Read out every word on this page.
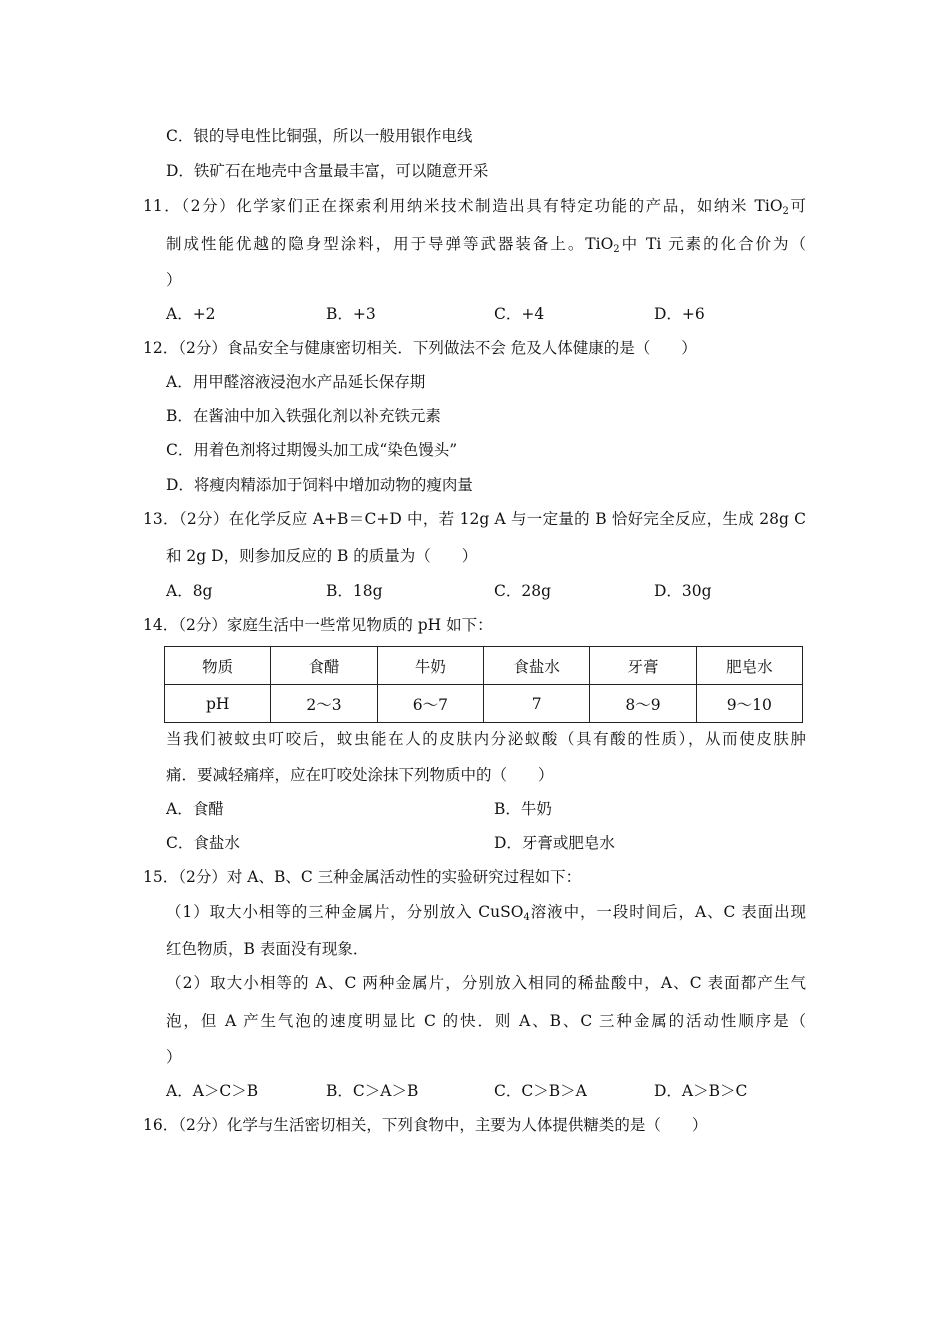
C．银的导电性比铜强，所以一般用银作电线
D．铁矿石在地壳中含量最丰富，可以随意开采
11．（2分）化学家们正在探索利用纳米技术制造出具有特定功能的产品，如纳米 TiO$_2$可
制成性能优越的隐身型涂料，用于导弹等武器装备上。TiO$_2$中 Ti 元素的化合价为（
）
A．+2	B．+3	C．+4	D．+6
12．（2分）食品安全与健康密切相关．下列做法不会 危及人体健康的是（　　）
A．用甲醛溶液浸泡水产品延长保存期
B．在酱油中加入铁强化剂以补充铁元素
C．用着色剂将过期馒头加工成“染色馒头”
D．将瘦肉精添加于饲料中增加动物的瘦肉量
13．（2分）在化学反应 A+B＝C+D 中，若 12g A 与一定量的 B 恰好完全反应，生成 28g C
和 2g D，则参加反应的 B 的质量为（　　）
A．8g	B．18g	C．28g	D．30g
14．（2分）家庭生活中一些常见物质的 pH 如下：
物质	食醋	牛奶	食盐水	牙膏	肥皂水
pH	2～3	6～7	7	8～9	9～10
当我们被蚊虫叮咬后，蚊虫能在人的皮肤内分泌蚁酸（具有酸的性质），从而使皮肤肿
痛．要减轻痛痒，应在叮咬处涂抹下列物质中的（　　）
A．食醋	B．牛奶
C．食盐水	D．牙膏或肥皂水
15．（2分）对 A、B、C 三种金属活动性的实验研究过程如下：
（1）取大小相等的三种金属片，分别放入 CuSO$_4$溶液中，一段时间后，A、C 表面出现
红色物质，B 表面没有现象．
（2）取大小相等的 A、C 两种金属片，分别放入相同的稀盐酸中，A、C 表面都产生气
泡，但 A 产生气泡的速度明显比 C 的快．则 A、B、C 三种金属的活动性顺序是（
）
A．A＞C＞B	B．C＞A＞B	C．C＞B＞A	D．A＞B＞C
16．（2分）化学与生活密切相关，下列食物中，主要为人体提供糖类的是（　　）
